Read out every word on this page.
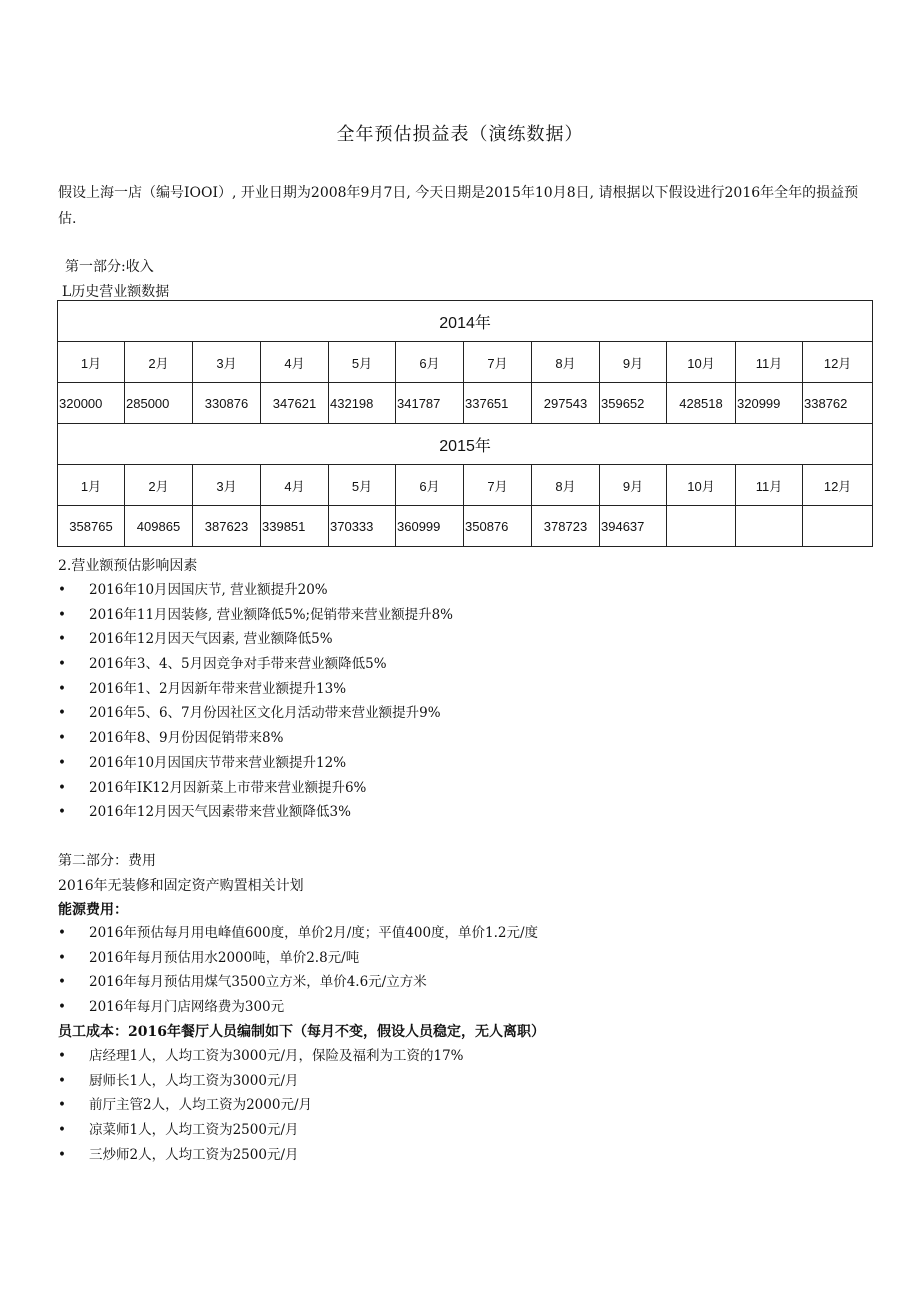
全年预估损益表（演练数据）
假设上海一店（编号IOOI）, 开业日期为2008年9月7日, 今天日期是2015年10月8日, 请根据以下假设进行2016年全年的损益预估.
第一部分:收入
L历史营业额数据
2014年											
1月	2月	3月	4月	5月	6月	7月	8月	9月	10月	11月	12月
320000	285000	330876	347621	432198	341787	337651	297543	359652	428518	320999	338762
2015年											
1月	2月	3月	4月	5月	6月	7月	8月	9月	10月	11月	12月
358765	409865	387623	339851	370333	360999	350876	378723	394637			
2.营业额预估影响因素
• 2016年10月因国庆节, 营业额提升20%
• 2016年11月因装修, 营业额降低5%;促销带来营业额提升8%
• 2016年12月因天气因素, 营业额降低5%
• 2016年3、4、5月因竞争对手带来营业额降低5%
• 2016年1、2月因新年带来营业额提升13%
• 2016年5、6、7月份因社区文化月活动带来营业额提升9%
• 2016年8、9月份因促销带来8%
• 2016年10月因国庆节带来营业额提升12%
• 2016年IK12月因新菜上市带来营业额提升6%
• 2016年12月因天气因素带来营业额降低3%
第二部分：费用
2016年无装修和固定资产购置相关计划
能源费用：
• 2016年预估每月用电峰值600度，单价2月/度；平值400度，单价1.2元/度
• 2016年每月预估用水2000吨，单价2.8元/吨
• 2016年每月预估用煤气3500立方米，单价4.6元/立方米
• 2016年每月门店网络费为300元
员工成本：2016年餐厅人员编制如下（每月不变，假设人员稳定，无人离职）
• 店经理1人，人均工资为3000元/月，保险及福利为工资的17%
• 厨师长1人，人均工资为3000元/月
• 前厅主管2人，人均工资为2000元/月
• 凉菜师1人，人均工资为2500元/月
• 三炒师2人，人均工资为2500元/月
